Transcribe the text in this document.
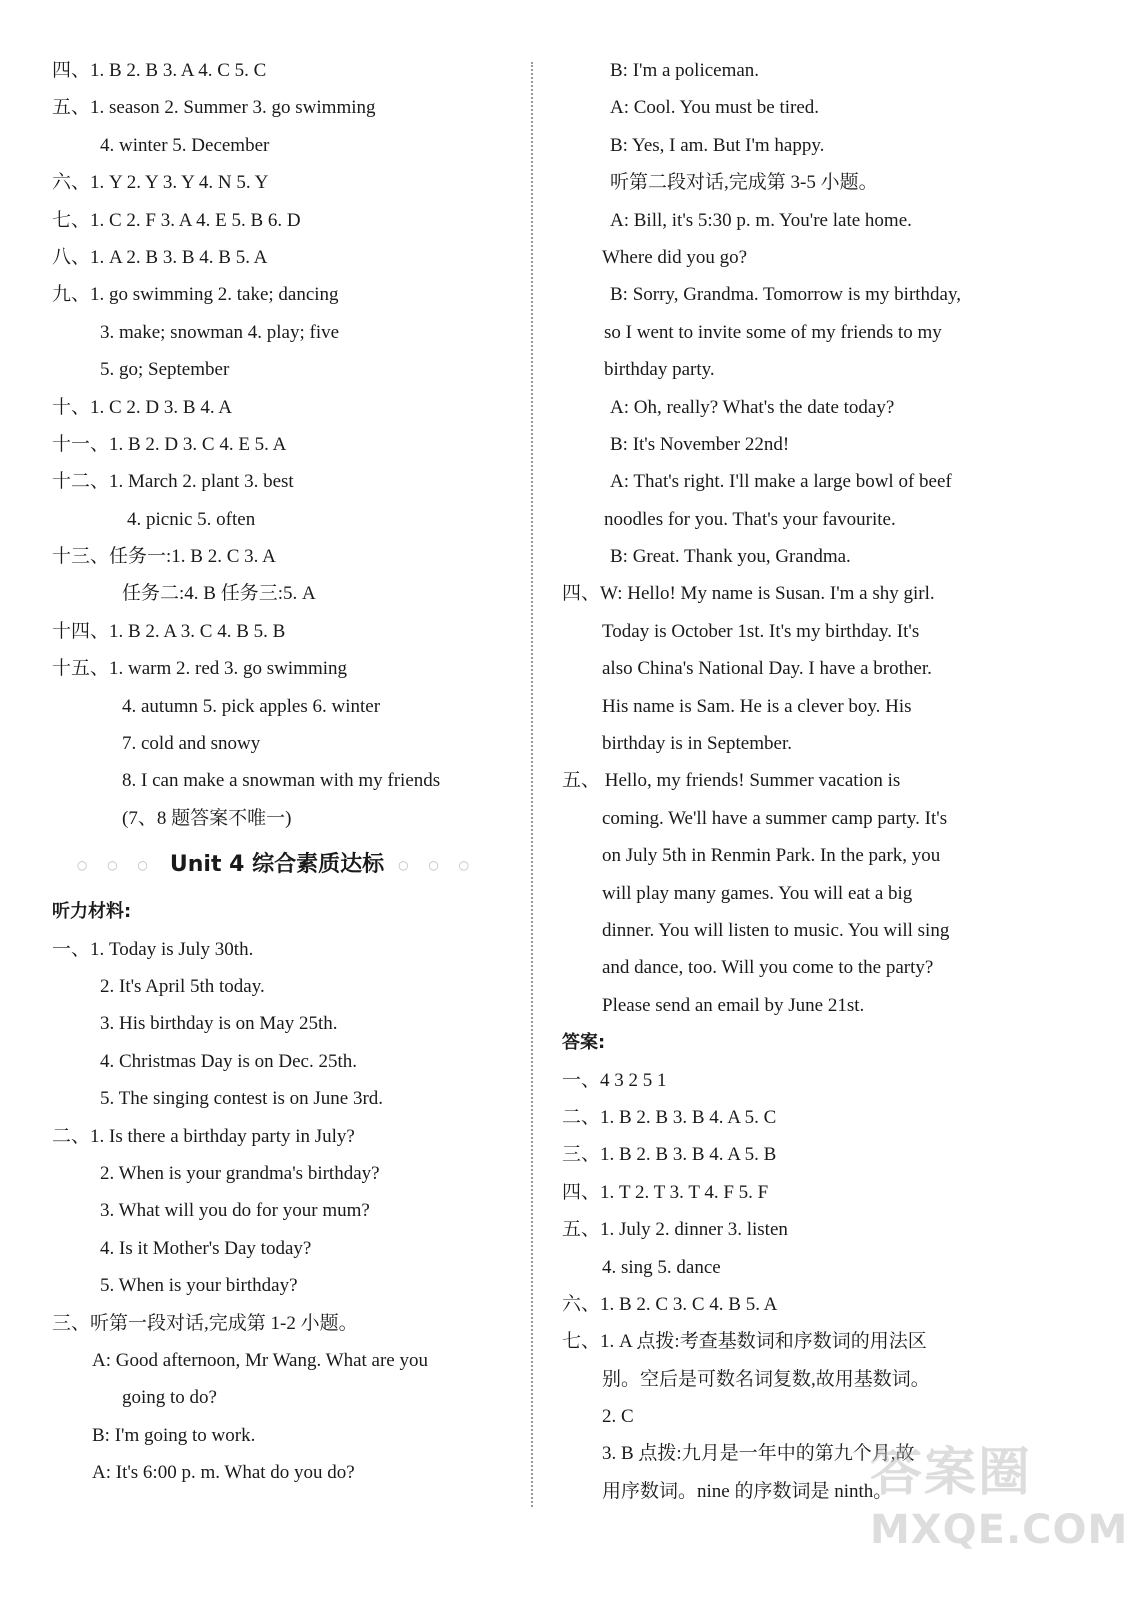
四、1. B 2. B 3. A 4. C 5. C
五、1. season 2. Summer 3. go swimming
4. winter 5. December
六、1. Y 2. Y 3. Y 4. N 5. Y
七、1. C 2. F 3. A 4. E 5. B 6. D
八、1. A 2. B 3. B 4. B 5. A
九、1. go swimming 2. take; dancing
3. make; snowman 4. play; five
5. go; September
十、1. C 2. D 3. B 4. A
十一、1. B 2. D 3. C 4. E 5. A
十二、1. March 2. plant 3. best
4. picnic 5. often
十三、任务一:1. B 2. C 3. A
任务二:4. B 任务三:5. A
十四、1. B 2. A 3. C 4. B 5. B
十五、1. warm 2. red 3. go swimming
4. autumn 5. pick apples 6. winter
7. cold and snowy
8. I can make a snowman with my friends
(7、8 题答案不唯一)
○ ○ ○ Unit 4 综合素质达标 ○ ○ ○
听力材料:
一、1. Today is July 30th.
2. It's April 5th today.
3. His birthday is on May 25th.
4. Christmas Day is on Dec. 25th.
5. The singing contest is on June 3rd.
二、1. Is there a birthday party in July?
2. When is your grandma's birthday?
3. What will you do for your mum?
4. Is it Mother's Day today?
5. When is your birthday?
三、听第一段对话,完成第 1-2 小题。
A: Good afternoon, Mr Wang. What are you
going to do?
B: I'm going to work.
A: It's 6:00 p. m. What do you do?
B: I'm a policeman.
A: Cool. You must be tired.
B: Yes, I am. But I'm happy.
听第二段对话,完成第 3-5 小题。
A: Bill, it's 5:30 p. m. You're late home.
Where did you go?
B: Sorry, Grandma. Tomorrow is my birthday,
so I went to invite some of my friends to my
birthday party.
A: Oh, really? What's the date today?
B: It's November 22nd!
A: That's right. I'll make a large bowl of beef
noodles for you. That's your favourite.
B: Great. Thank you, Grandma.
四、W: Hello! My name is Susan. I'm a shy girl.
Today is October 1st. It's my birthday. It's
also China's National Day. I have a brother.
His name is Sam. He is a clever boy. His
birthday is in September.
五、 Hello, my friends! Summer vacation is
coming. We'll have a summer camp party. It's
on July 5th in Renmin Park. In the park, you
will play many games. You will eat a big
dinner. You will listen to music. You will sing
and dance, too. Will you come to the party?
Please send an email by June 21st.
答案:
一、4 3 2 5 1
二、1. B 2. B 3. B 4. A 5. C
三、1. B 2. B 3. B 4. A 5. B
四、1. T 2. T 3. T 4. F 5. F
五、1. July 2. dinner 3. listen
4. sing 5. dance
六、1. B 2. C 3. C 4. B 5. A
七、1. A 点拨:考查基数词和序数词的用法区
别。空后是可数名词复数,故用基数词。
2. C
3. B 点拨:九月是一年中的第九个月,故
用序数词。nine 的序数词是 ninth。
答案圈
MXQE.COM
